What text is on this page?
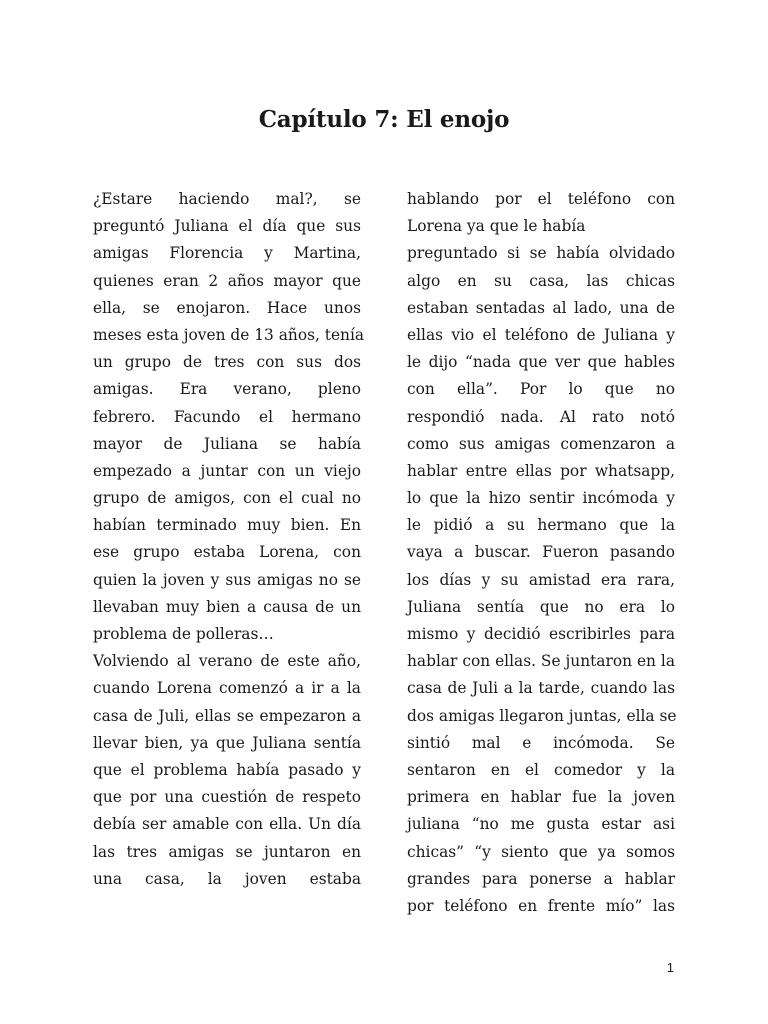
Capítulo 7: El enojo
¿Estare haciendo mal?, se
preguntó Juliana el día que sus
amigas Florencia y Martina,
quienes eran 2 años mayor que
ella, se enojaron. Hace unos
meses esta joven de 13 años, tenía
un grupo de tres con sus dos
amigas. Era verano, pleno
febrero. Facundo el hermano
mayor de Juliana se había
empezado a juntar con un viejo
grupo de amigos, con el cual no
habían terminado muy bien. En
ese grupo estaba Lorena, con
quien la joven y sus amigas no se
llevaban muy bien a causa de un
problema de polleras…
Volviendo al verano de este año,
cuando Lorena comenzó a ir a la
casa de Juli, ellas se empezaron a
llevar bien, ya que Juliana sentía
que el problema había pasado y
que por una cuestión de respeto
debía ser amable con ella. Un día
las tres amigas se juntaron en
una casa, la joven estaba
hablando por el teléfono con
Lorena ya que le había
preguntado si se había olvidado
algo en su casa, las chicas
estaban sentadas al lado, una de
ellas vio el teléfono de Juliana y
le dijo “nada que ver que hables
con ella”. Por lo que no
respondió nada. Al rato notó
como sus amigas comenzaron a
hablar entre ellas por whatsapp,
lo que la hizo sentir incómoda y
le pidió a su hermano que la
vaya a buscar. Fueron pasando
los días y su amistad era rara,
Juliana sentía que no era lo
mismo y decidió escribirles para
hablar con ellas. Se juntaron en la
casa de Juli a la tarde, cuando las
dos amigas llegaron juntas, ella se
sintió mal e incómoda. Se
sentaron en el comedor y la
primera en hablar fue la joven
juliana “no me gusta estar asi
chicas” “y siento que ya somos
grandes para ponerse a hablar
por teléfono en frente mío” las
1
